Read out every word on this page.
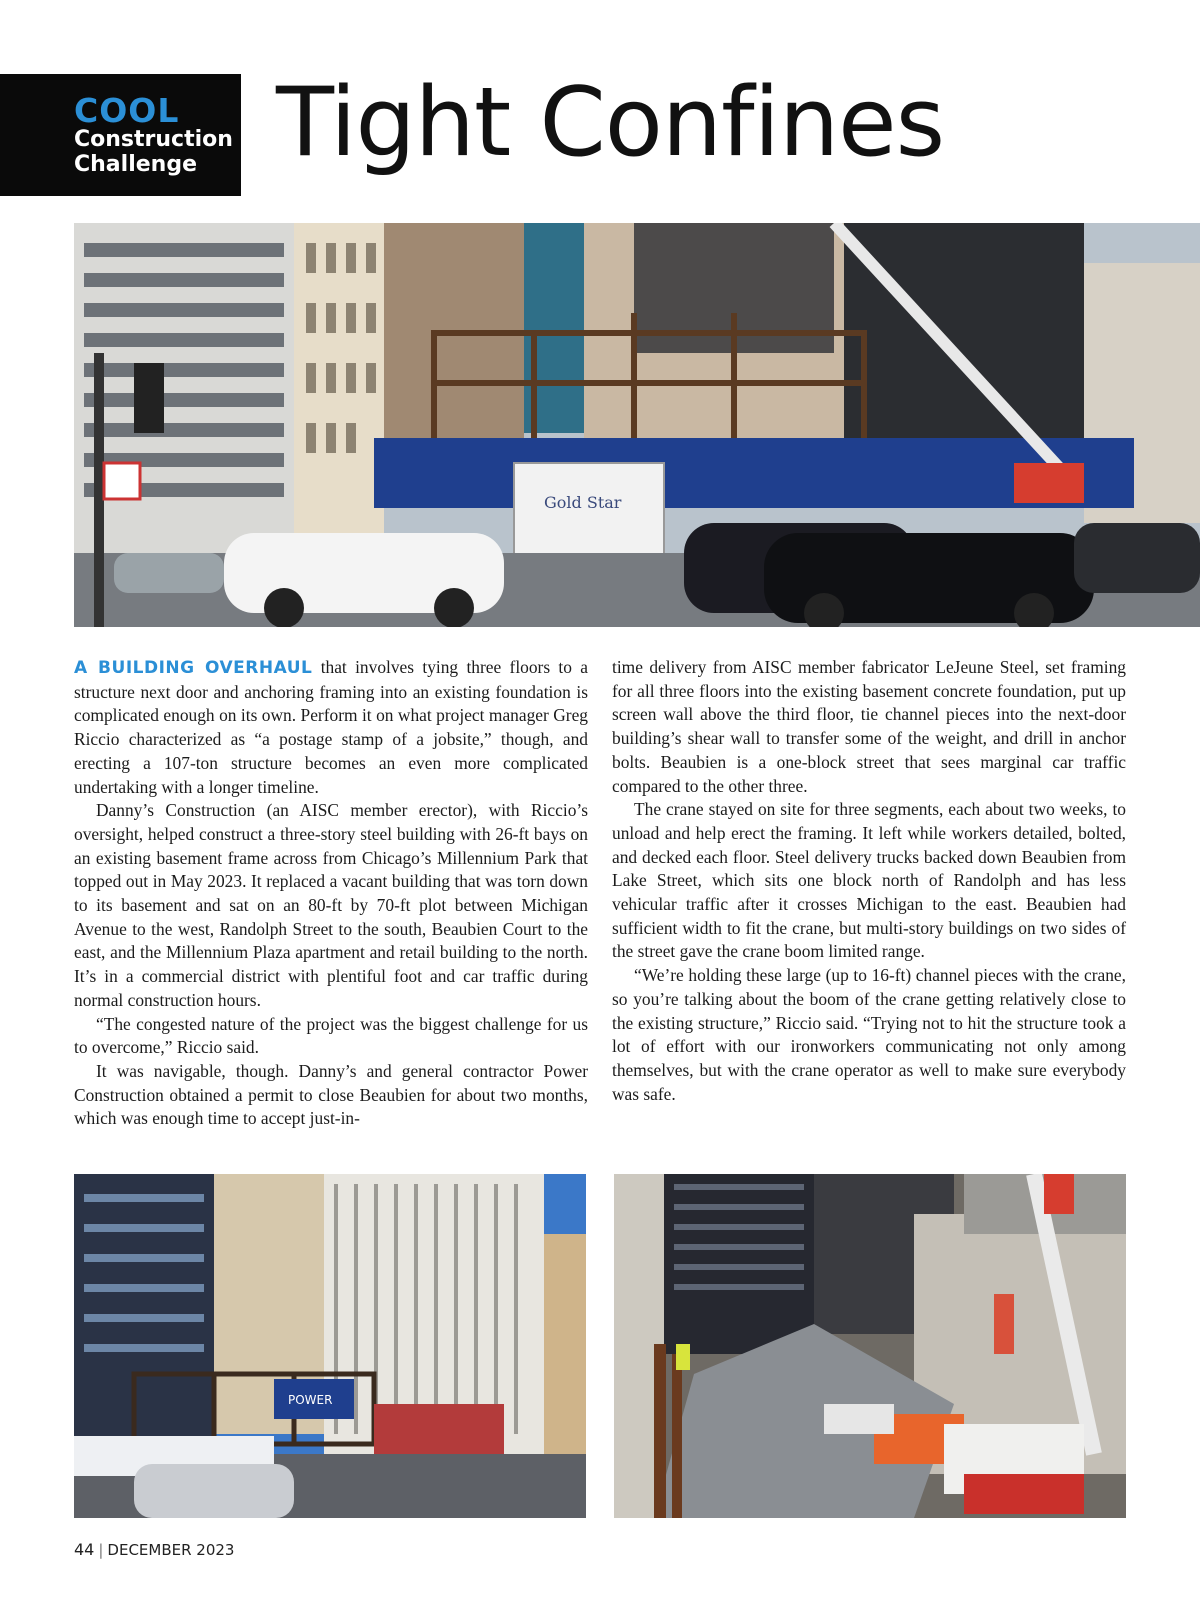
COOL
Construction
Challenge Tight Confines
Gold Star

A BUILDING OVERHAUL that involves tying three floors to a structure next door and anchoring framing into an existing foundation is complicated enough on its own. Perform it on what project manager Greg Riccio characterized as “a postage stamp of a jobsite,” though, and erecting a 107-ton structure becomes an even more complicated undertaking with a longer timeline.

Danny’s Construction (an AISC member erector), with Riccio’s oversight, helped construct a three-story steel building with 26-ft bays on an existing basement frame across from Chicago’s Millennium Park that topped out in May 2023. It replaced a vacant building that was torn down to its basement and sat on an 80-ft by 70-ft plot between Michigan Avenue to the west, Randolph Street to the south, Beaubien Court to the east, and the Millennium Plaza apartment and retail building to the north. It’s in a commercial district with plentiful foot and car traffic during normal construction hours.

“The congested nature of the project was the biggest challenge for us to overcome,” Riccio said.

It was navigable, though. Danny’s and general contractor Power Construction obtained a permit to close Beaubien for about two months, which was enough time to accept just-in-

time delivery from AISC member fabricator LeJeune Steel, set framing for all three floors into the existing basement concrete foundation, put up screen wall above the third floor, tie channel pieces into the next-door building’s shear wall to transfer some of the weight, and drill in anchor bolts. Beaubien is a one-block street that sees marginal car traffic compared to the other three.

The crane stayed on site for three segments, each about two weeks, to unload and help erect the framing. It left while workers detailed, bolted, and decked each floor. Steel delivery trucks backed down Beaubien from Lake Street, which sits one block north of Randolph and has less vehicular traffic after it crosses Michigan to the east. Beaubien had sufficient width to fit the crane, but multi-story buildings on two sides of the street gave the crane boom limited range.

“We’re holding these large (up to 16-ft) channel pieces with the crane, so you’re talking about the boom of the crane getting relatively close to the existing structure,” Riccio said. “Trying not to hit the structure took a lot of effort with our ironworkers communicating not only among themselves, but with the crane operator as well to make sure everybody was safe.

POWER
44 | DECEMBER 2023
